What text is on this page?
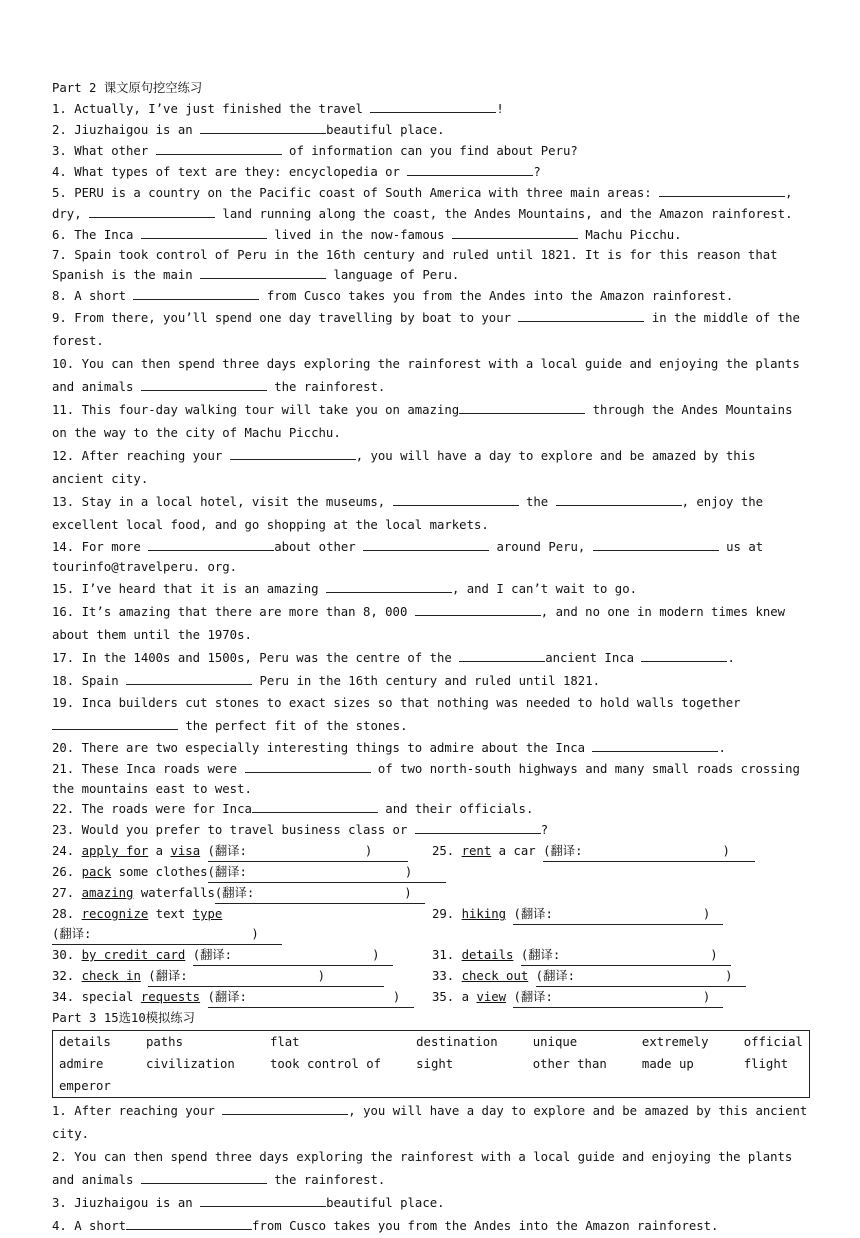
Part 2 课文原句挖空练习
1. Actually, I’ve just finished the travel	!
2. Jiuzhaigou is an	beautiful place.
3. What other	of information can you find about Peru?
4. What types of text are they: encyclopedia or	?
5. PERU is a country on the Pacific coast of South America with three main areas:	, dry,	land running along the coast, the Andes Mountains, and the Amazon rainforest.
6. The Inca	lived in the now-famous	Machu Picchu.
7. Spain took control of Peru in the 16th century and ruled until 1821. It is for this reason that Spanish is the main	language of Peru.
8. A short	from Cusco takes you from the Andes into the Amazon rainforest.
9. From there, you’ll spend one day travelling by boat to your	in the middle of the forest.
10. You can then spend three days exploring the rainforest with a local guide and enjoying the plants and animals	the rainforest.
11. This four-day walking tour will take you on amazing	through the Andes Mountains on the way to the city of Machu Picchu.
12. After reaching your	, you will have a day to explore and be amazed by this ancient city.
13. Stay in a local hotel, visit the museums,	the	, enjoy the excellent local food, and go shopping at the local markets.
14. For more	about other	around Peru,	us at tourinfo@travelperu. org.
15. I’ve heard that it is an amazing	, and I can’t wait to go.
16. It’s amazing that there are more than 8, 000	, and no one in modern times knew about them until the 1970s.
17. In the 1400s and 1500s, Peru was the centre of the	ancient Inca	.
18. Spain	Peru in the 16th century and ruled until 1821.
19. Inca builders cut stones to exact sizes so that nothing was needed to hold walls together  the perfect fit of the stones.
20. There are two especially interesting things to admire about the Inca	.
21. These Inca roads were	of two north-south highways and many small roads crossing the mountains east to west.
22. The roads were for Inca	and their officials.
23. Would you prefer to travel business class or	?
24. apply for a visa (翻译:	)	25. rent a car (翻译:	)
26. pack some clothes(翻译:	)
27. amazing waterfalls(翻译:	)
28. recognize text type(翻译:	)
29. hiking (翻译:	)
30. by credit card (翻译:	)	31. details (翻译:	)
32. check in (翻译:	)	33. check out (翻译:	)
34. special requests (翻译:	)	35. a view (翻译:	)
Part 3 15选10模拟练习
details	paths	flat	destination	unique	extremely	official
admire	civilization	took control of	sight	other than	made up	flight
emperor
1. After reaching your	, you will have a day to explore and be amazed by this ancient city.
2. You can then spend three days exploring the rainforest with a local guide and enjoying the plants and animals	the rainforest.
3. Jiuzhaigou is an	beautiful place.
4. A short	from Cusco takes you from the Andes into the Amazon rainforest.
